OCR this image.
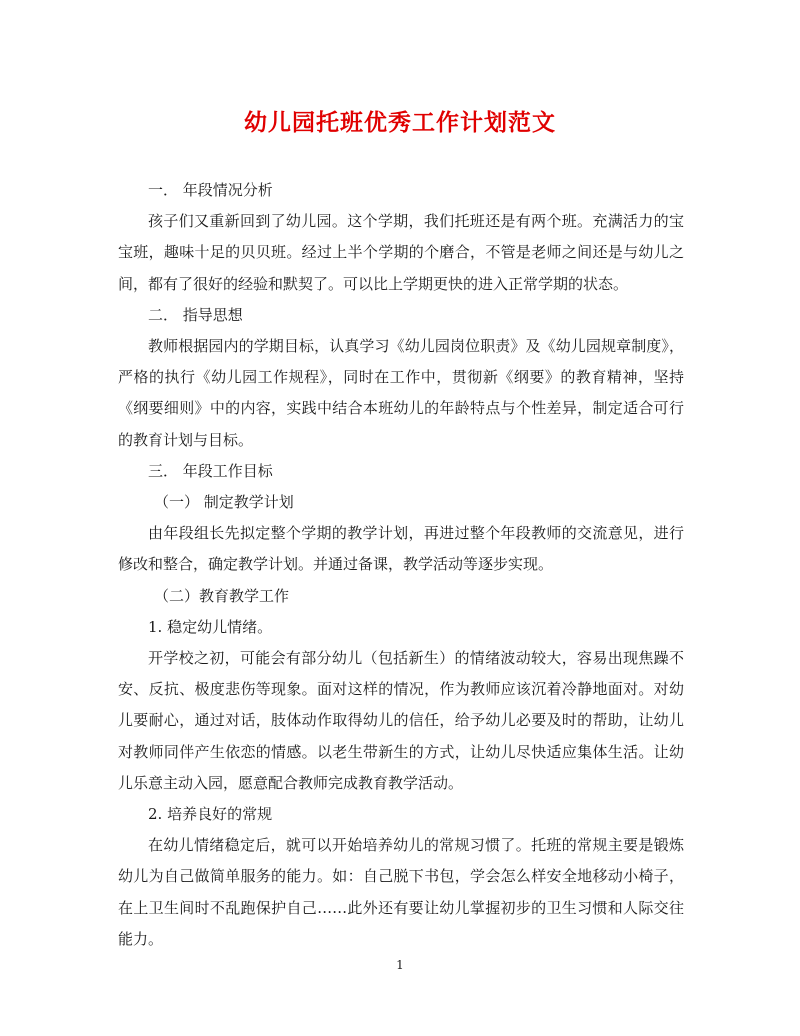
幼儿园托班优秀工作计划范文

一． 年段情况分析

孩子们又重新回到了幼儿园。这个学期，我们托班还是有两个班。充满活力的宝宝班，趣味十足的贝贝班。经过上半个学期的个磨合，不管是老师之间还是与幼儿之间，都有了很好的经验和默契了。可以比上学期更快的进入正常学期的状态。

二． 指导思想

教师根据园内的学期目标，认真学习《幼儿园岗位职责》及《幼儿园规章制度》，严格的执行《幼儿园工作规程》，同时在工作中，贯彻新《纲要》的教育精神，坚持《纲要细则》中的内容，实践中结合本班幼儿的年龄特点与个性差异，制定适合可行的教育计划与目标。

三． 年段工作目标

（一） 制定教学计划

由年段组长先拟定整个学期的教学计划，再进过整个年段教师的交流意见，进行修改和整合，确定教学计划。并通过备课，教学活动等逐步实现。

（二）教育教学工作

1. 稳定幼儿情绪。

开学校之初，可能会有部分幼儿（包括新生）的情绪波动较大，容易出现焦躁不安、反抗、极度悲伤等现象。面对这样的情况，作为教师应该沉着冷静地面对。对幼儿要耐心，通过对话，肢体动作取得幼儿的信任，给予幼儿必要及时的帮助，让幼儿对教师同伴产生依恋的情感。以老生带新生的方式，让幼儿尽快适应集体生活。让幼儿乐意主动入园，愿意配合教师完成教育教学活动。

2. 培养良好的常规

在幼儿情绪稳定后，就可以开始培养幼儿的常规习惯了。托班的常规主要是锻炼幼儿为自己做简单服务的能力。如：自己脱下书包，学会怎么样安全地移动小椅子，在上卫生间时不乱跑保护自己……此外还有要让幼儿掌握初步的卫生习惯和人际交往能力。

1
